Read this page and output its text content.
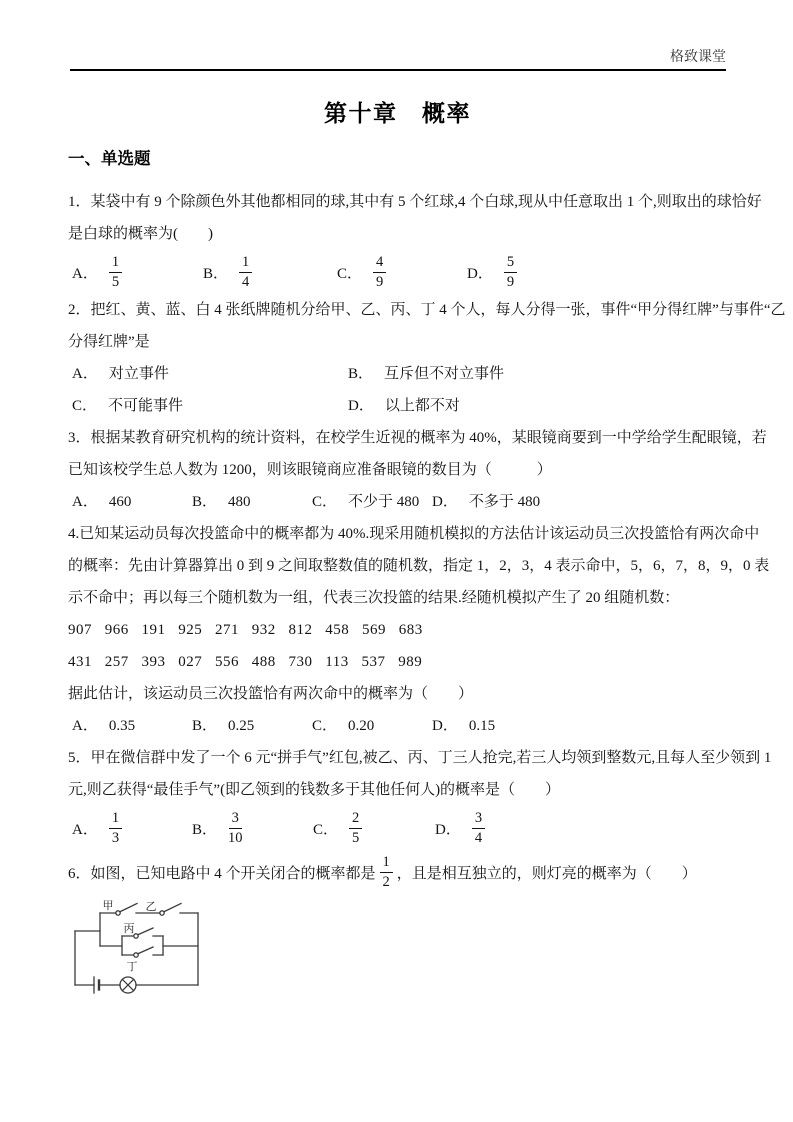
格致课堂
第十章　概率
一、单选题
1．某袋中有 9 个除颜色外其他都相同的球,其中有 5 个红球,4 个白球,现从中任意取出 1 个,则取出的球恰好
是白球的概率为(　　)
A． $\frac{1}{5}$	B． $\frac{1}{4}$	C． $\frac{4}{9}$	D． $\frac{5}{9}$
2．把红、黄、蓝、白 4 张纸牌随机分给甲、乙、丙、丁 4 个人，每人分得一张，事件“甲分得红牌”与事件“乙
分得红牌”是
A． 对立事件	B． 互斥但不对立事件
C． 不可能事件	D． 以上都不对
3．根据某教育研究机构的统计资料，在校学生近视的概率为 40%，某眼镜商要到一中学给学生配眼镜，若
已知该校学生总人数为 1200，则该眼镜商应准备眼镜的数目为（　　　）
A． 460	B． 480	C． 不少于 480 D． 不多于 480
4.已知某运动员每次投篮命中的概率都为 40%.现采用随机模拟的方法估计该运动员三次投篮恰有两次命中
的概率：先由计算器算出 0 到 9 之间取整数值的随机数，指定 1，2，3，4 表示命中，5，6，7，8，9，0 表
示不命中；再以每三个随机数为一组，代表三次投篮的结果.经随机模拟产生了 20 组随机数：
907   966   191   925   271   932   812   458   569   683
431   257   393   027   556   488   730   113   537   989
据此估计，该运动员三次投篮恰有两次命中的概率为（　　）
A． 0.35	B． 0.25	C． 0.20	D． 0.15
5．甲在微信群中发了一个 6 元“拼手气”红包,被乙、丙、丁三人抢完,若三人均领到整数元,且每人至少领到 1
元,则乙获得“最佳手气”(即乙领到的钱数多于其他任何人)的概率是（　　）
A． $\frac{1}{3}$	B． $\frac{3}{10}$	C． $\frac{2}{5}$	D． $\frac{3}{4}$
6．如图，已知电路中 4 个开关闭合的概率都是 $\frac{1}{2}$ ，且是相互独立的，则灯亮的概率为（　　）
甲	乙
丙
丁
